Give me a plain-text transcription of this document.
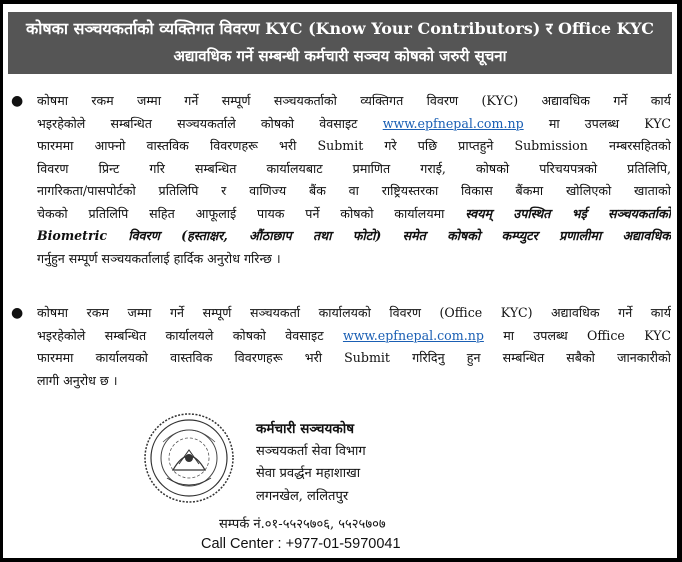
कोषका सञ्चयकर्ताको व्यक्तिगत विवरण KYC (Know Your Contributors) र Office KYC
अद्यावधिक गर्ने सम्बन्धी कर्मचारी सञ्चय कोषको जरुरी सूचना
● कोषमा रकम जम्मा गर्ने सम्पूर्ण सञ्चयकर्ताको व्यक्तिगत विवरण (KYC) अद्यावधिक गर्ने कार्य
भइरहेकोले सम्बन्धित सञ्चयकर्ताले कोषको वेवसाइट www.epfnepal.com.np मा उपलब्ध KYC
फारममा आफ्नो वास्तविक विवरणहरू भरी Submit गरे पछि प्राप्तहुने Submission नम्बरसहितको
विवरण प्रिन्ट गरि सम्बन्धित कार्यालयबाट प्रमाणित गराई, कोषको परिचयपत्रको प्रतिलिपि,
नागरिकता/पासपोर्टको प्रतिलिपि र वाणिज्य बैंक वा राष्ट्रियस्तरका विकास बैंकमा खोलिएको खाताको
चेकको प्रतिलिपि सहित आफूलाई पायक पर्ने कोषको कार्यालयमा स्वयम् उपस्थित भई सञ्चयकर्ताको
Biometric विवरण (हस्ताक्षर, औंठाछाप तथा फोटो) समेत कोषको कम्प्युटर प्रणालीमा अद्यावधिक
गर्नुहुन सम्पूर्ण सञ्चयकर्तालाई हार्दिक अनुरोध गरिन्छ ।
● कोषमा रकम जम्मा गर्ने सम्पूर्ण सञ्चयकर्ता कार्यालयको विवरण (Office KYC) अद्यावधिक गर्ने कार्य
भइरहेकोले सम्बन्धित कार्यालयले कोषको वेवसाइट www.epfnepal.com.np मा उपलब्ध Office KYC
फारममा कार्यालयको वास्तविक विवरणहरू भरी Submit गरिदिनु हुन सम्बन्धित सबैको जानकारीको
लागी अनुरोध छ ।
कर्मचारी सञ्चयकोष
सञ्चयकर्ता सेवा विभाग
सेवा प्रवर्द्धन महाशाखा
लगनखेल, ललितपुर
सम्पर्क नं.०१-५५२५७०६, ५५२५७०७
Call Center : +977-01-5970041
